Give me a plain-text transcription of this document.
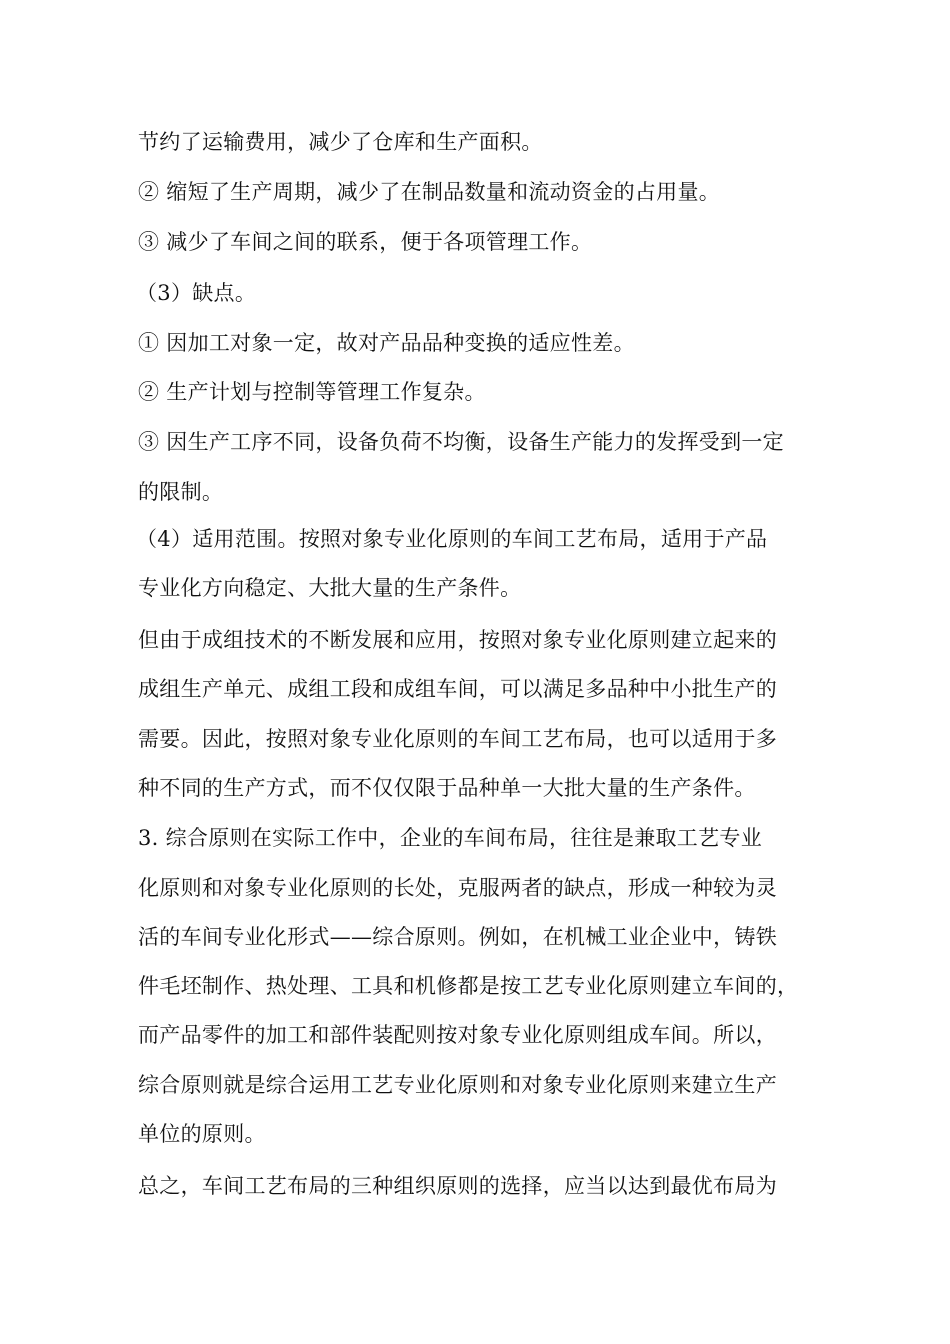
节约了运输费用，减少了仓库和生产面积。
② 缩短了生产周期，减少了在制品数量和流动资金的占用量。
③ 减少了车间之间的联系，便于各项管理工作。
（3）缺点。
① 因加工对象一定，故对产品品种变换的适应性差。
② 生产计划与控制等管理工作复杂。
③ 因生产工序不同，设备负荷不均衡，设备生产能力的发挥受到一定
的限制。
（4）适用范围。按照对象专业化原则的车间工艺布局，适用于产品
专业化方向稳定、大批大量的生产条件。
但由于成组技术的不断发展和应用，按照对象专业化原则建立起来的
成组生产单元、成组工段和成组车间，可以满足多品种中小批生产的
需要。因此，按照对象专业化原则的车间工艺布局，也可以适用于多
种不同的生产方式，而不仅仅限于品种单一大批大量的生产条件。
3. 综合原则在实际工作中，企业的车间布局，往往是兼取工艺专业
化原则和对象专业化原则的长处，克服两者的缺点，形成一种较为灵
活的车间专业化形式——综合原则。例如，在机械工业企业中，铸铁
件毛坯制作、热处理、工具和机修都是按工艺专业化原则建立车间的，
而产品零件的加工和部件装配则按对象专业化原则组成车间。所以，
综合原则就是综合运用工艺专业化原则和对象专业化原则来建立生产
单位的原则。
总之，车间工艺布局的三种组织原则的选择，应当以达到最优布局为
